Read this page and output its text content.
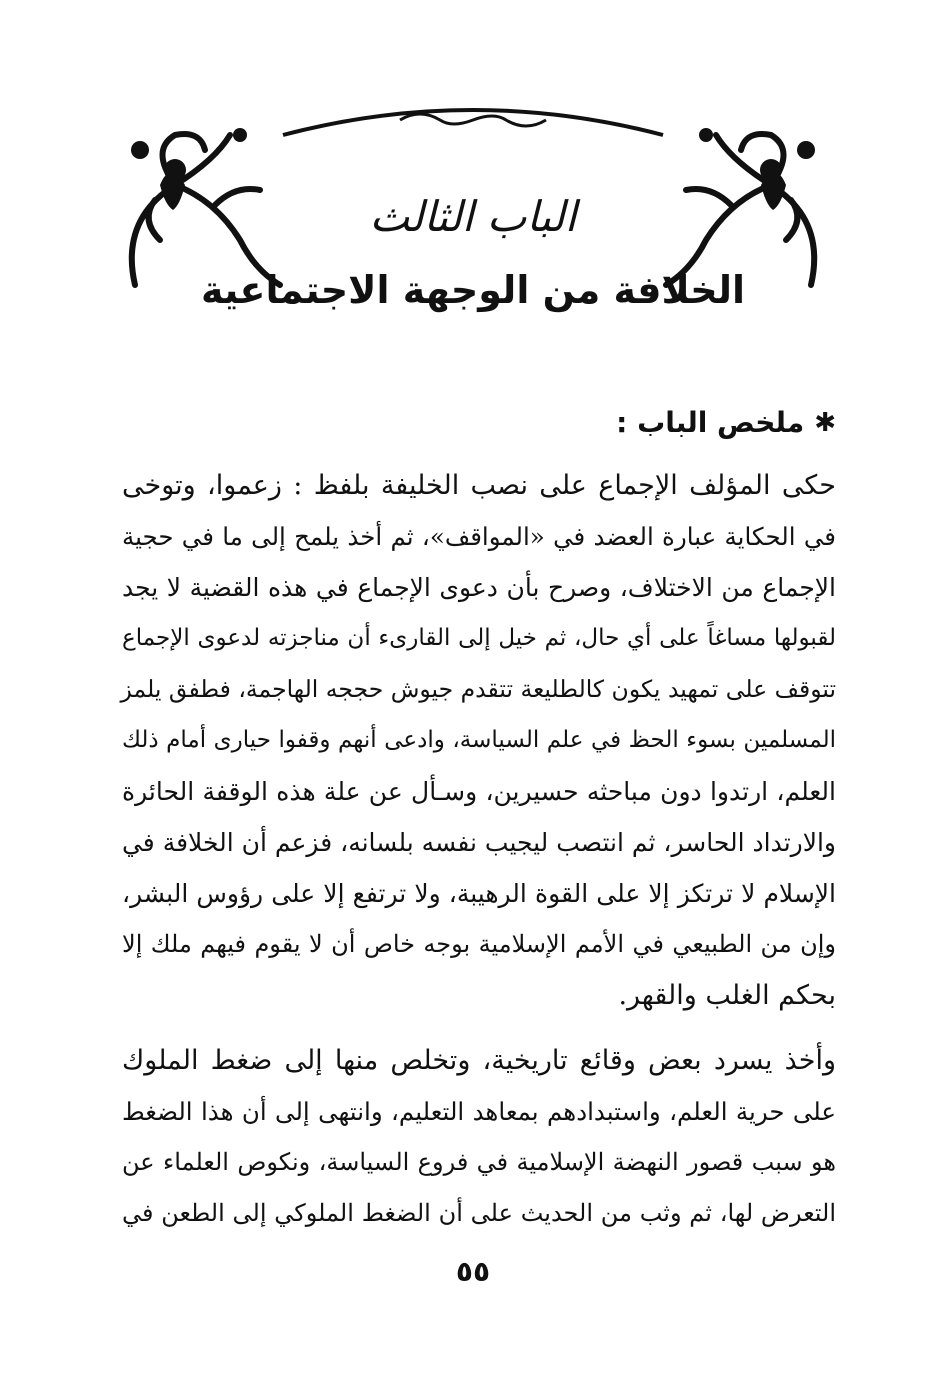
الباب الثالث
الخلافة من الوجهة الاجتماعية
✱
ملخص الباب :
حكى المؤلف الإجماع على نصب الخليفة بلفظ : زعموا، وتوخى
في الحكاية عبارة العضد في «المواقف»، ثم أخذ يلمح إلى ما في حجية
الإجماع من الاختلاف، وصرح بأن دعوى الإجماع في هذه القضية لا يجد
لقبولها مساغاً على أي حال، ثم خيل إلى القارىء أن مناجزته لدعوى الإجماع
تتوقف على تمهيد يكون كالطليعة تتقدم جيوش حججه الهاجمة، فطفق يلمز
المسلمين بسوء الحظ في علم السياسة، وادعى أنهم وقفوا حيارى أمام ذلك
العلم، ارتدوا دون مباحثه حسيرين، وسـأل عن علة هذه الوقفة الحائرة
والارتداد الحاسر، ثم انتصب ليجيب نفسه بلسانه، فزعم أن الخلافة في
الإسلام لا ترتكز إلا على القوة الرهيبة، ولا ترتفع إلا على رؤوس البشر،
وإن من الطبيعي في الأمم الإسلامية بوجه خاص أن لا يقوم فيهم ملك إلا
بحكم الغلب والقهر.
وأخذ يسرد بعض وقائع تاريخية، وتخلص منها إلى ضغط الملوك
على حرية العلم، واستبدادهم بمعاهد التعليم، وانتهى إلى أن هذا الضغط
هو سبب قصور النهضة الإسلامية في فروع السياسة، ونكوص العلماء عن
التعرض لها، ثم وثب من الحديث على أن الضغط الملوكي إلى الطعن في
٥٥
